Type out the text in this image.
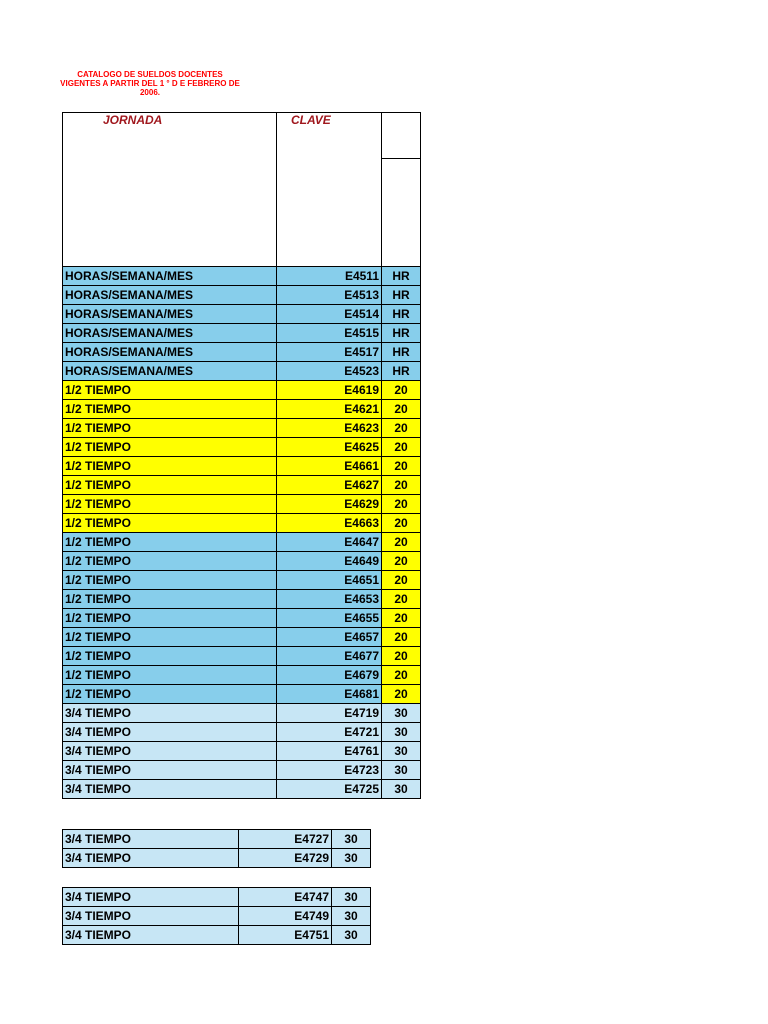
CATALOGO DE SUELDOS DOCENTES
VIGENTES A PARTIR DEL 1 ° D E FEBRERO DE
2006.
JORNADA	CLAVE	

HORAS/SEMANA/MES	E4511	HR
HORAS/SEMANA/MES	E4513	HR
HORAS/SEMANA/MES	E4514	HR
HORAS/SEMANA/MES	E4515	HR
HORAS/SEMANA/MES	E4517	HR
HORAS/SEMANA/MES	E4523	HR
1/2 TIEMPO	E4619	20
1/2 TIEMPO	E4621	20
1/2 TIEMPO	E4623	20
1/2 TIEMPO	E4625	20
1/2 TIEMPO	E4661	20
1/2 TIEMPO	E4627	20
1/2 TIEMPO	E4629	20
1/2 TIEMPO	E4663	20
1/2 TIEMPO	E4647	20
1/2 TIEMPO	E4649	20
1/2 TIEMPO	E4651	20
1/2 TIEMPO	E4653	20
1/2 TIEMPO	E4655	20
1/2 TIEMPO	E4657	20
1/2 TIEMPO	E4677	20
1/2 TIEMPO	E4679	20
1/2 TIEMPO	E4681	20
3/4 TIEMPO	E4719	30
3/4 TIEMPO	E4721	30
3/4 TIEMPO	E4761	30
3/4 TIEMPO	E4723	30
3/4 TIEMPO	E4725	30
3/4 TIEMPO	E4727	30
3/4 TIEMPO	E4729	30
3/4 TIEMPO	E4747	30
3/4 TIEMPO	E4749	30
3/4 TIEMPO	E4751	30
